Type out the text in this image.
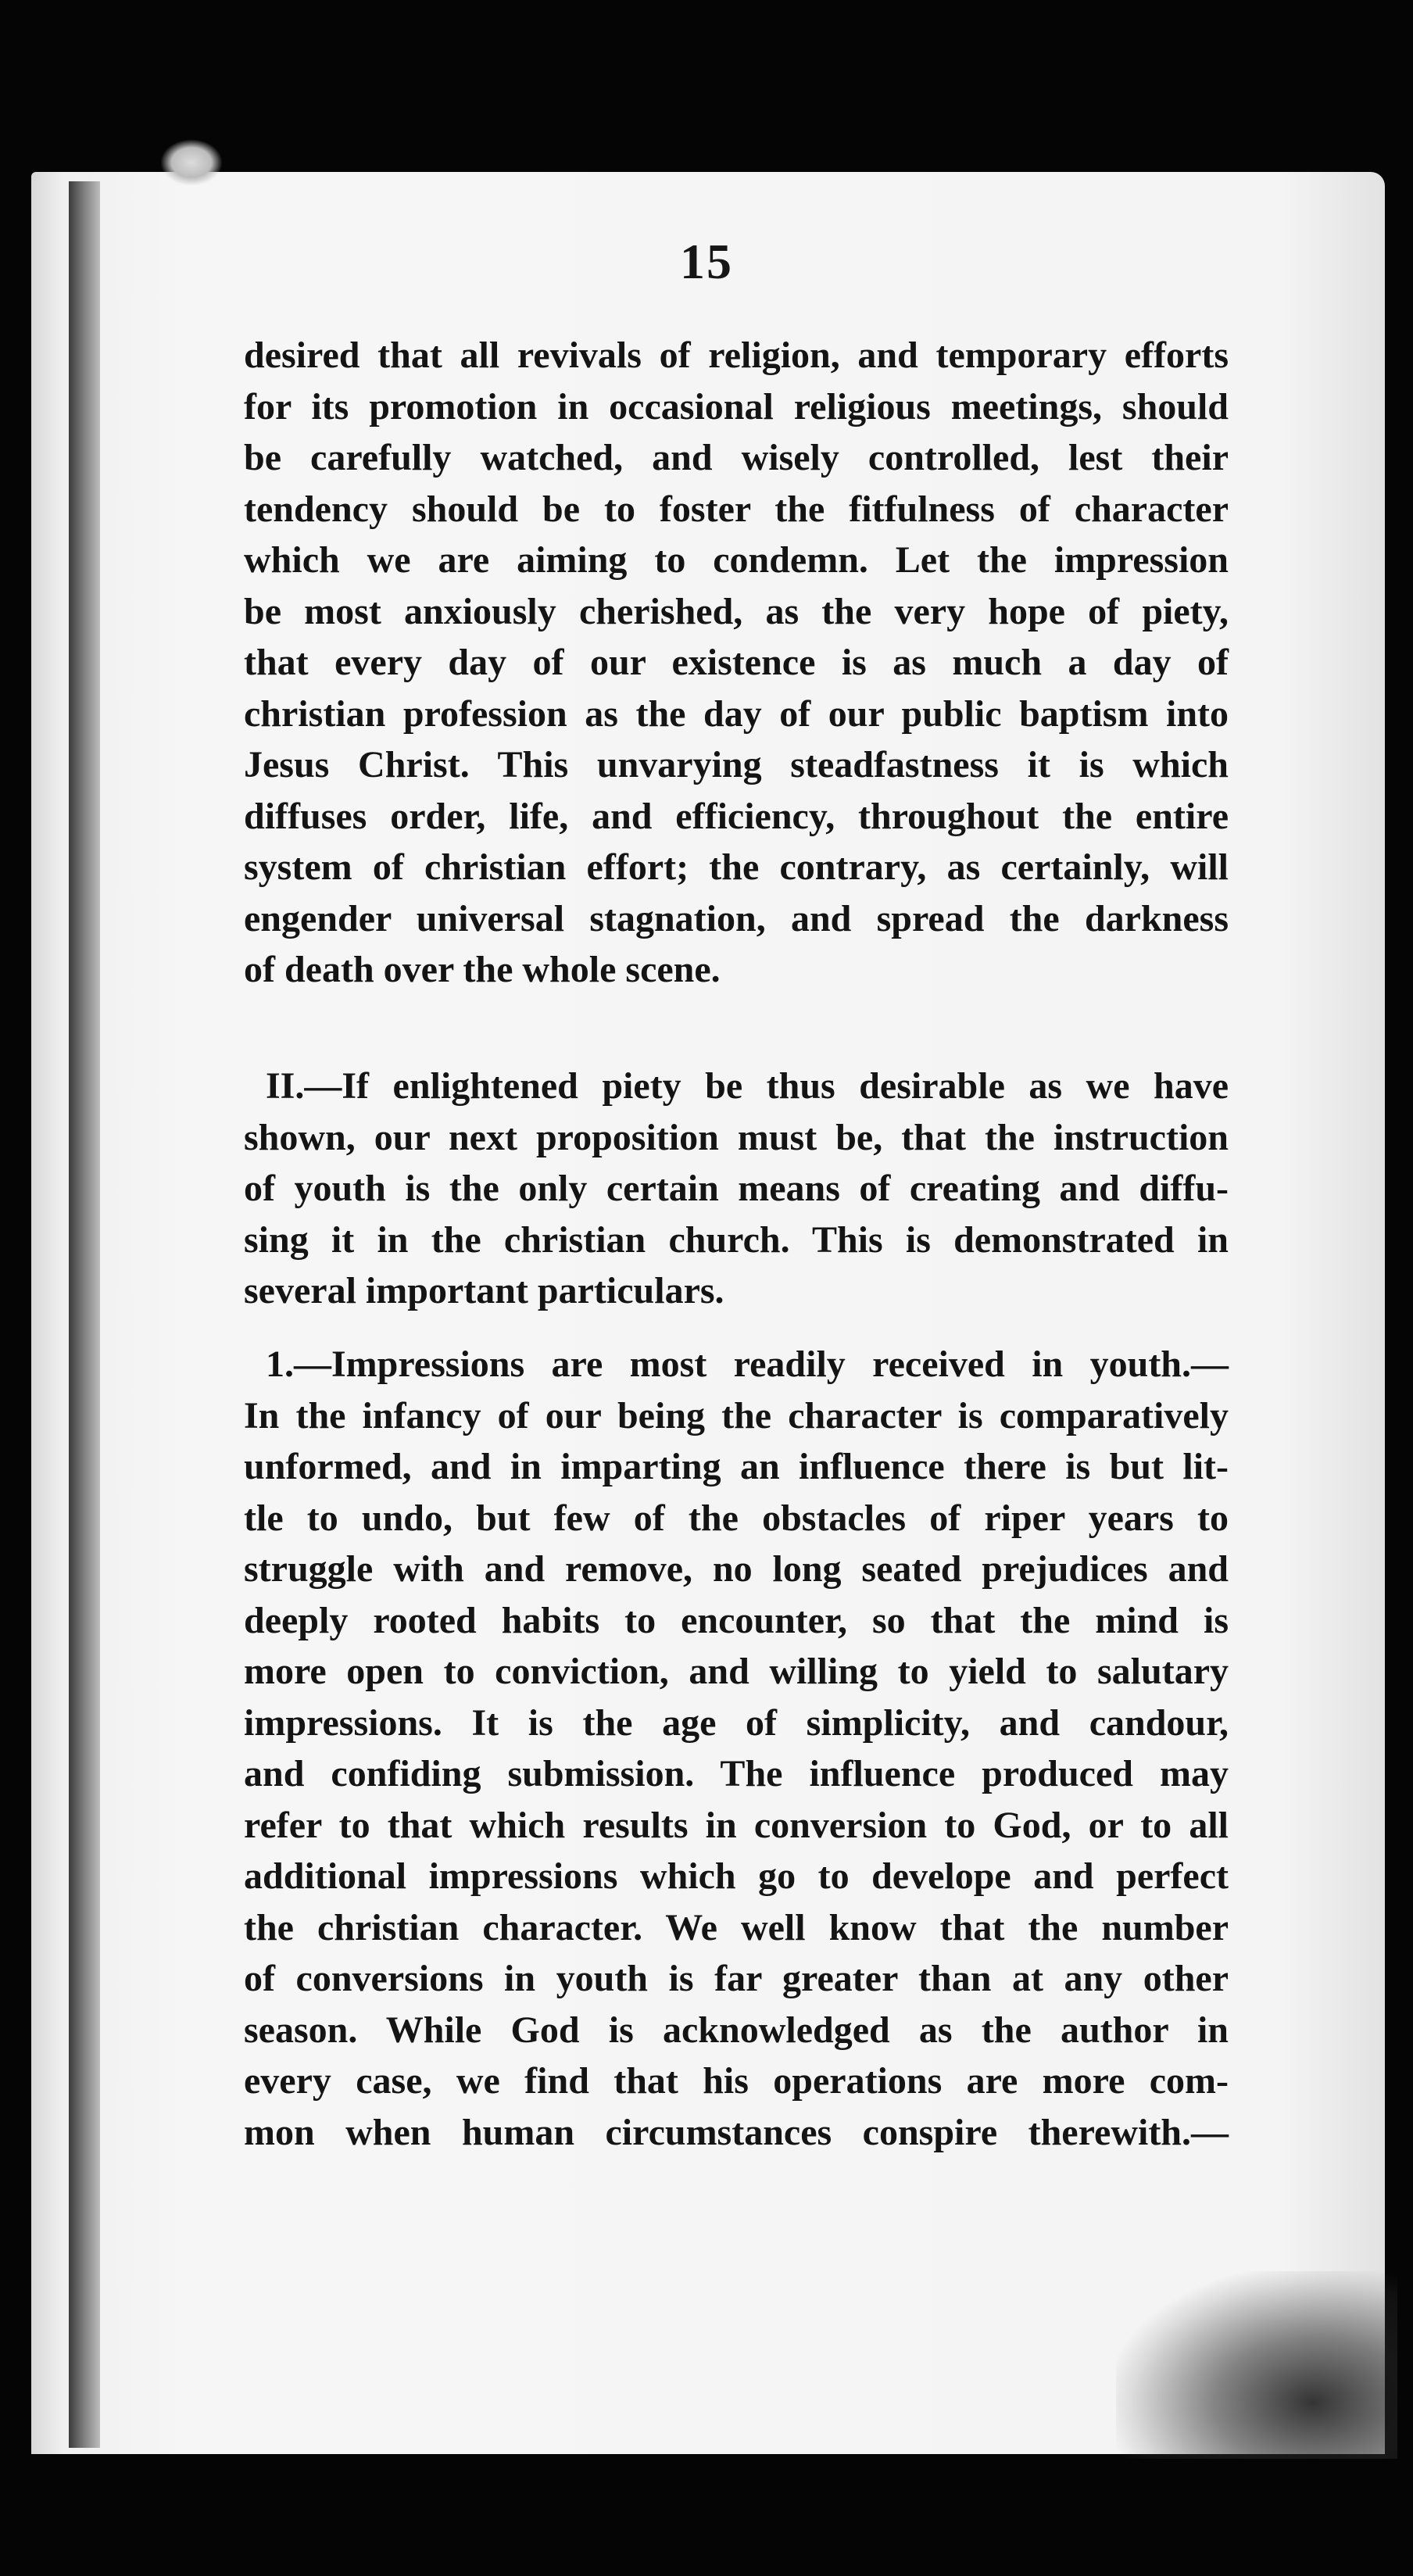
15
desired that all revivals of religion, and temporary efforts
for its promotion in occasional religious meetings, should
be carefully watched, and wisely controlled, lest their
tendency should be to foster the fitfulness of character
which we are aiming to condemn. Let the impression
be most anxiously cherished, as the very hope of piety,
that every day of our existence is as much a day of
christian profession as the day of our public baptism into
Jesus Christ. This unvarying steadfastness it is which
diffuses order, life, and efficiency, throughout the entire
system of christian effort; the contrary, as certainly, will
engender universal stagnation, and spread the darkness
of death over the whole scene.
II.—If enlightened piety be thus desirable as we have
shown, our next proposition must be, that the instruction
of youth is the only certain means of creating and diffu-
sing it in the christian church. This is demonstrated in
several important particulars.
1.—Impressions are most readily received in youth.—
In the infancy of our being the character is comparatively
unformed, and in imparting an influence there is but lit-
tle to undo, but few of the obstacles of riper years to
struggle with and remove, no long seated prejudices and
deeply rooted habits to encounter, so that the mind is
more open to conviction, and willing to yield to salutary
impressions. It is the age of simplicity, and candour,
and confiding submission. The influence produced may
refer to that which results in conversion to God, or to all
additional impressions which go to develope and perfect
the christian character. We well know that the number
of conversions in youth is far greater than at any other
season. While God is acknowledged as the author in
every case, we find that his operations are more com-
mon when human circumstances conspire therewith.—
